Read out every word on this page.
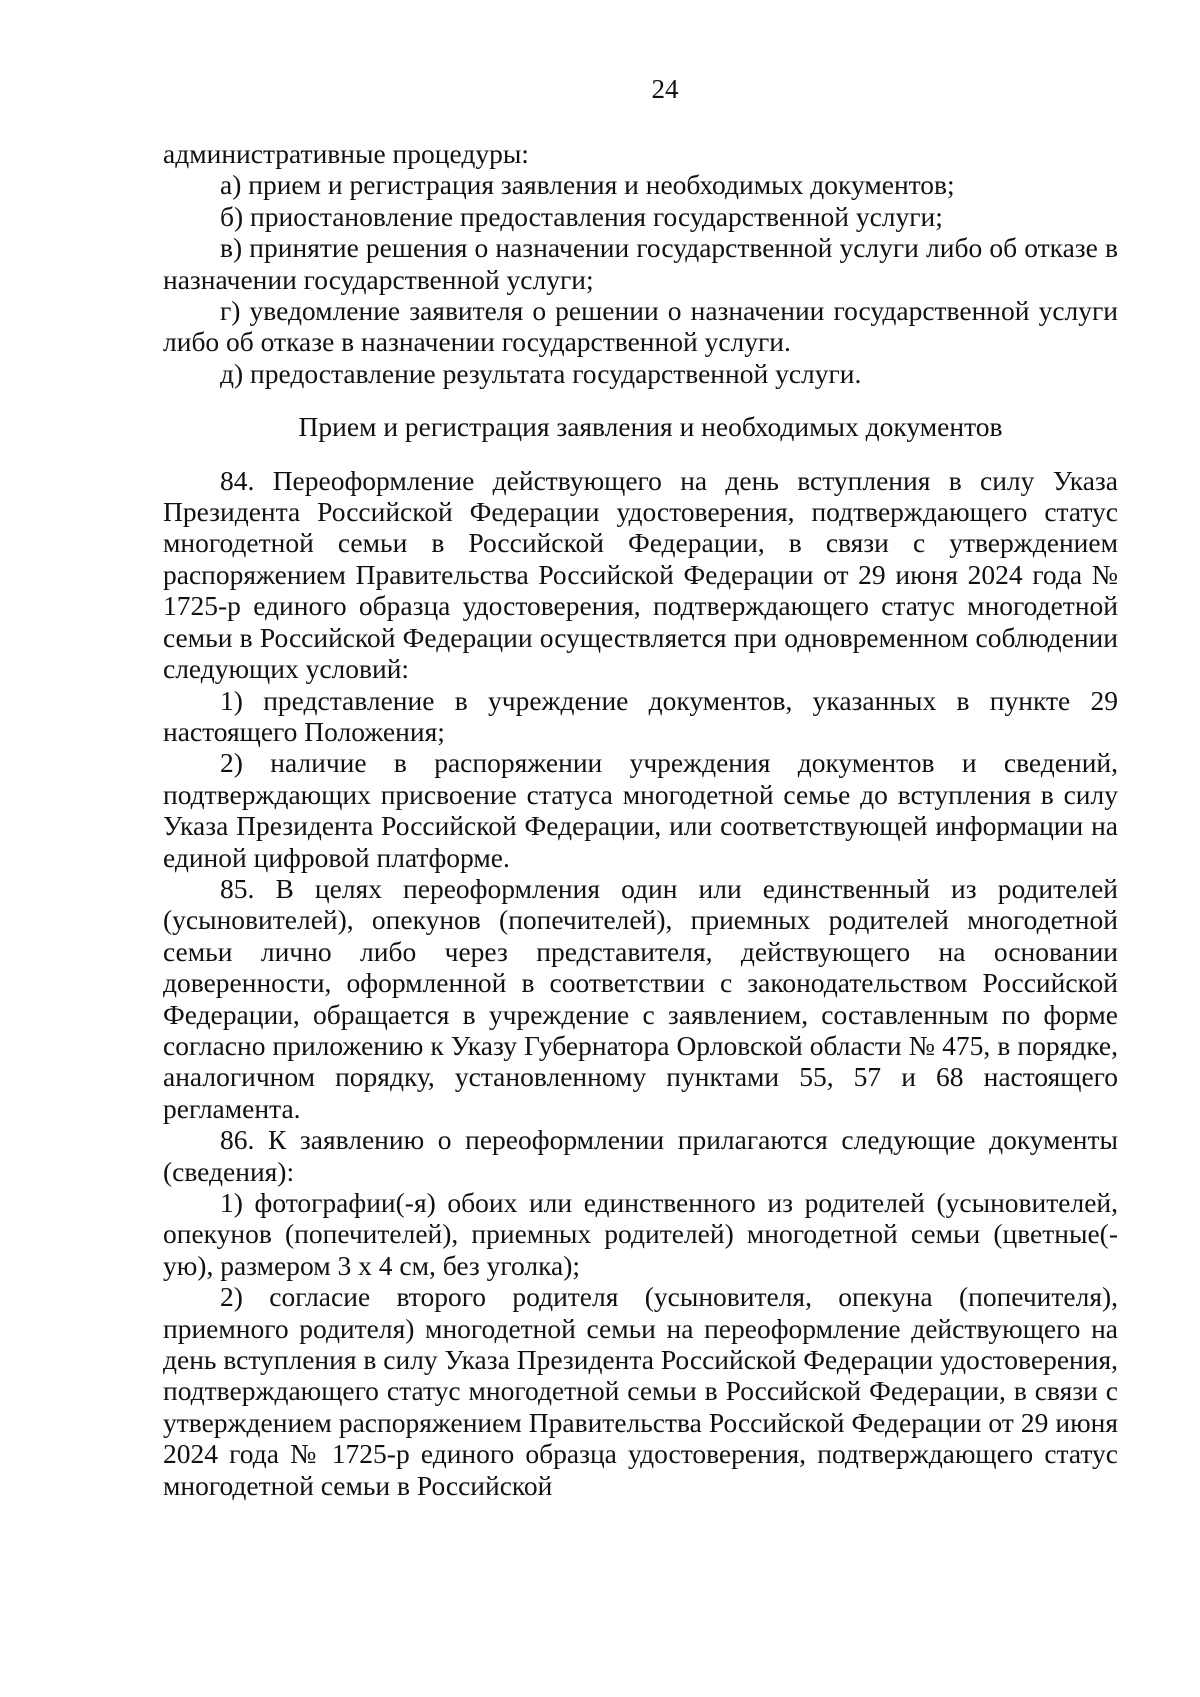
24

административные процедуры:

а) прием и регистрация заявления и необходимых документов;

б) приостановление предоставления государственной услуги;

в) принятие решения о назначении государственной услуги либо об отказе в назначении государственной услуги;

г) уведомление заявителя о решении о назначении государственной услуги либо об отказе в назначении государственной услуги.

д) предоставление результата государственной услуги.

Прием и регистрация заявления и необходимых документов

84. Переоформление действующего на день вступления в силу Указа Президента Российской Федерации удостоверения, подтверждающего статус многодетной семьи в Российской Федерации, в связи с утверждением распоряжением Правительства Российской Федерации от 29 июня 2024 года № 1725-р единого образца удостоверения, подтверждающего статус многодетной семьи в Российской Федерации осуществляется при одновременном соблюдении следующих условий:

1) представление в учреждение документов, указанных в пункте 29 настоящего Положения;

2) наличие в распоряжении учреждения документов и сведений, подтверждающих присвоение статуса многодетной семье до вступления в силу Указа Президента Российской Федерации, или соответствующей информации на единой цифровой платформе.

85. В целях переоформления один или единственный из родителей (усыновителей), опекунов (попечителей), приемных родителей многодетной семьи лично либо через представителя, действующего на основании доверенности, оформленной в соответствии с законодательством Российской Федерации, обращается в учреждение с заявлением, составленным по форме согласно приложению к Указу Губернатора Орловской области № 475, в порядке, аналогичном порядку, установленному пунктами 55, 57 и 68 настоящего регламента.

86. К заявлению о переоформлении прилагаются следующие документы (сведения):

1) фотографии(-я) обоих или единственного из родителей (усыновителей, опекунов (попечителей), приемных родителей) многодетной семьи (цветные(-ую), размером 3 х 4 см, без уголка);

2) согласие второго родителя (усыновителя, опекуна (попечителя), приемного родителя) многодетной семьи на переоформление действующего на день вступления в силу Указа Президента Российской Федерации удостоверения, подтверждающего статус многодетной семьи в Российской Федерации, в связи с утверждением распоряжением Правительства Российской Федерации от 29 июня 2024 года № 1725-р единого образца удостоверения, подтверждающего статус многодетной семьи в Российской
